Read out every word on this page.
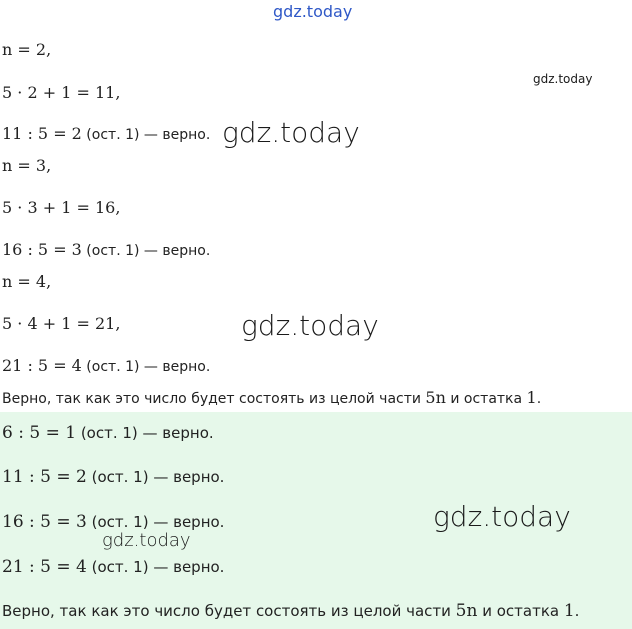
n = 2,
5 · 2 + 1 = 11,
11 : 5 = 2 (ост. 1) — верно.
n = 3,
5 · 3 + 1 = 16,
16 : 5 = 3 (ост. 1) — верно.
n = 4,
5 · 4 + 1 = 21,
21 : 5 = 4 (ост. 1) — верно.
Верно, так как это число будет состоять из целой части 5n и остатка 1.
6 : 5 = 1 (ост. 1) — верно.
11 : 5 = 2 (ост. 1) — верно.
16 : 5 = 3 (ост. 1) — верно.
21 : 5 = 4 (ост. 1) — верно.
Верно, так как это число будет состоять из целой части 5n и остатка 1.
gdz.today
gdz.today
gdz.today
gdz.today
gdz.today
gdz.today
